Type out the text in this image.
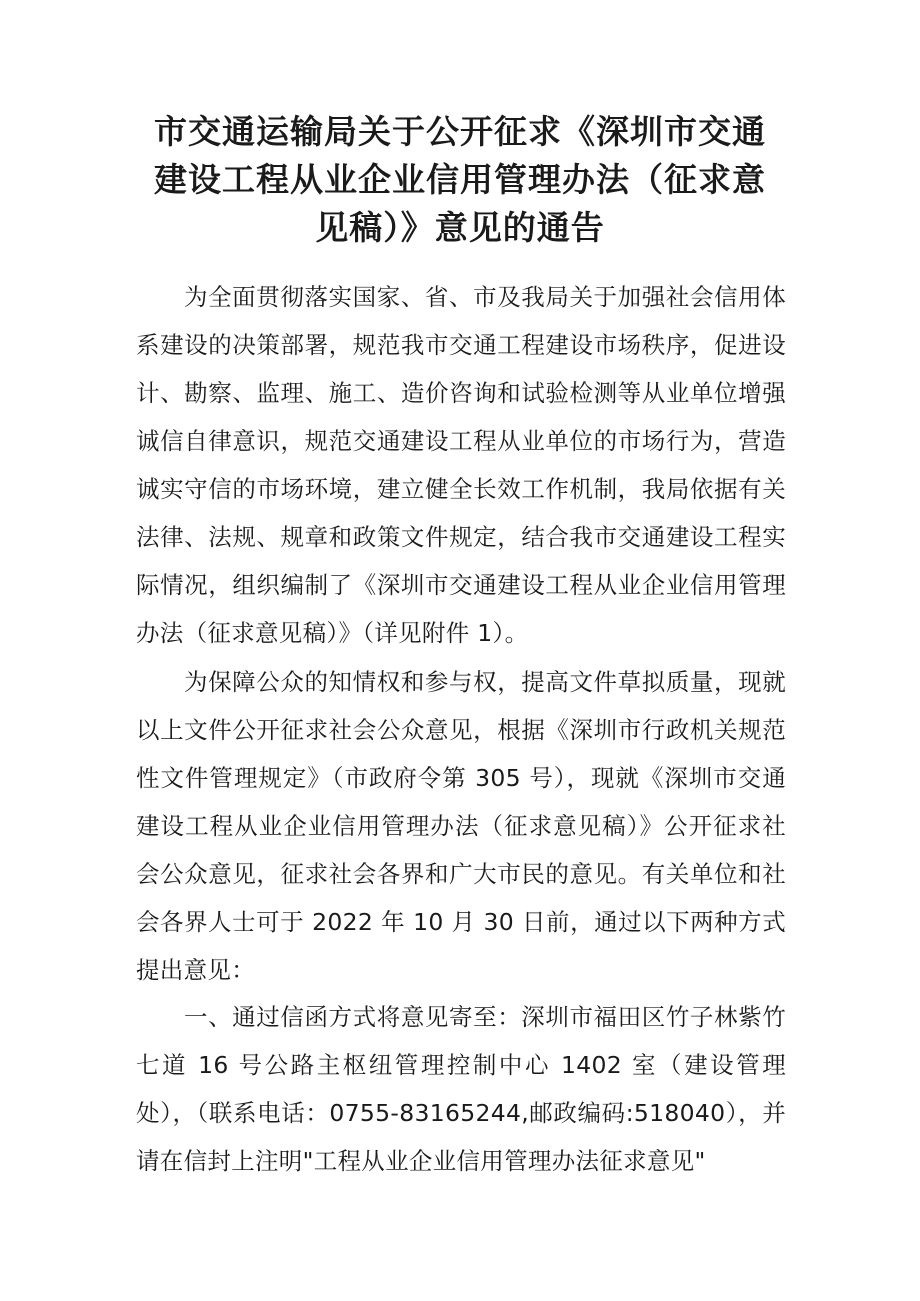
市交通运输局关于公开征求《深圳市交通建设工程从业企业信用管理办法（征求意见稿）》意见的通告

为全面贯彻落实国家、省、市及我局关于加强社会信用体系建设的决策部署，规范我市交通工程建设市场秩序，促进设计、勘察、监理、施工、造价咨询和试验检测等从业单位增强诚信自律意识，规范交通建设工程从业单位的市场行为，营造诚实守信的市场环境，建立健全长效工作机制，我局依据有关法律、法规、规章和政策文件规定，结合我市交通建设工程实际情况，组织编制了《深圳市交通建设工程从业企业信用管理办法（征求意见稿）》（详见附件 1）。

为保障公众的知情权和参与权，提高文件草拟质量，现就以上文件公开征求社会公众意见，根据《深圳市行政机关规范性文件管理规定》（市政府令第 305 号），现就《深圳市交通建设工程从业企业信用管理办法（征求意见稿）》公开征求社会公众意见，征求社会各界和广大市民的意见。有关单位和社会各界人士可于 2022 年 10 月 30 日前，通过以下两种方式提出意见：

一、通过信函方式将意见寄至：深圳市福田区竹子林紫竹七道 16 号公路主枢纽管理控制中心 1402 室（建设管理处），（联系电话：0755-83165244,邮政编码:518040），并请在信封上注明"工程从业企业信用管理办法征求意见"
